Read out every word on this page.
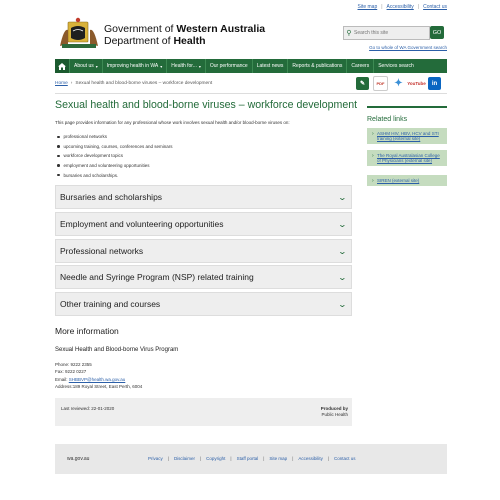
Site map | Accessibility | Contact us
Government of Western Australia
Department of Health
⚲
Search this site	GO
Go to whole of WA Government search
About us ▾ Improving health in WA ▾ Health for... ▾ Our performance Latest news Reports & publications Careers Services search
Home › Sexual health and blood-borne viruses – workforce development	✎	PDF ✦	YouTube	in
Sexual health and blood-borne viruses – workforce development
This page provides information for any professional whose work involves sexual health and/or blood-borne viruses on:
professional networks
upcoming training, courses, conferences and seminars
workforce development topics
employment and volunteering opportunities
bursaries and scholarships.
Bursaries and scholarships	⌄
Employment and volunteering opportunities	⌄
Professional networks	⌄
Needle and Syringe Program (NSP) related training	⌄
Other training and courses	⌄
More information
Sexual Health and Blood-borne Virus Program
Phone: 9222 2355
Fax: 9222 0227
Email: SHBBVP@health.wa.gov.au
Address:189 Royal Street, East Perth, 6004
Last reviewed: 22-01-2020	Produced by
Public Health
Related links
› ASHM HIV, HBV, HCV and STI training (external site)
› The Royal Australasian College of Physicians (external site)
› SIREN (external site)
wa.gov.au	Privacy | Disclaimer | Copyright | Staff portal | Site map | Accessibility | Contact us
